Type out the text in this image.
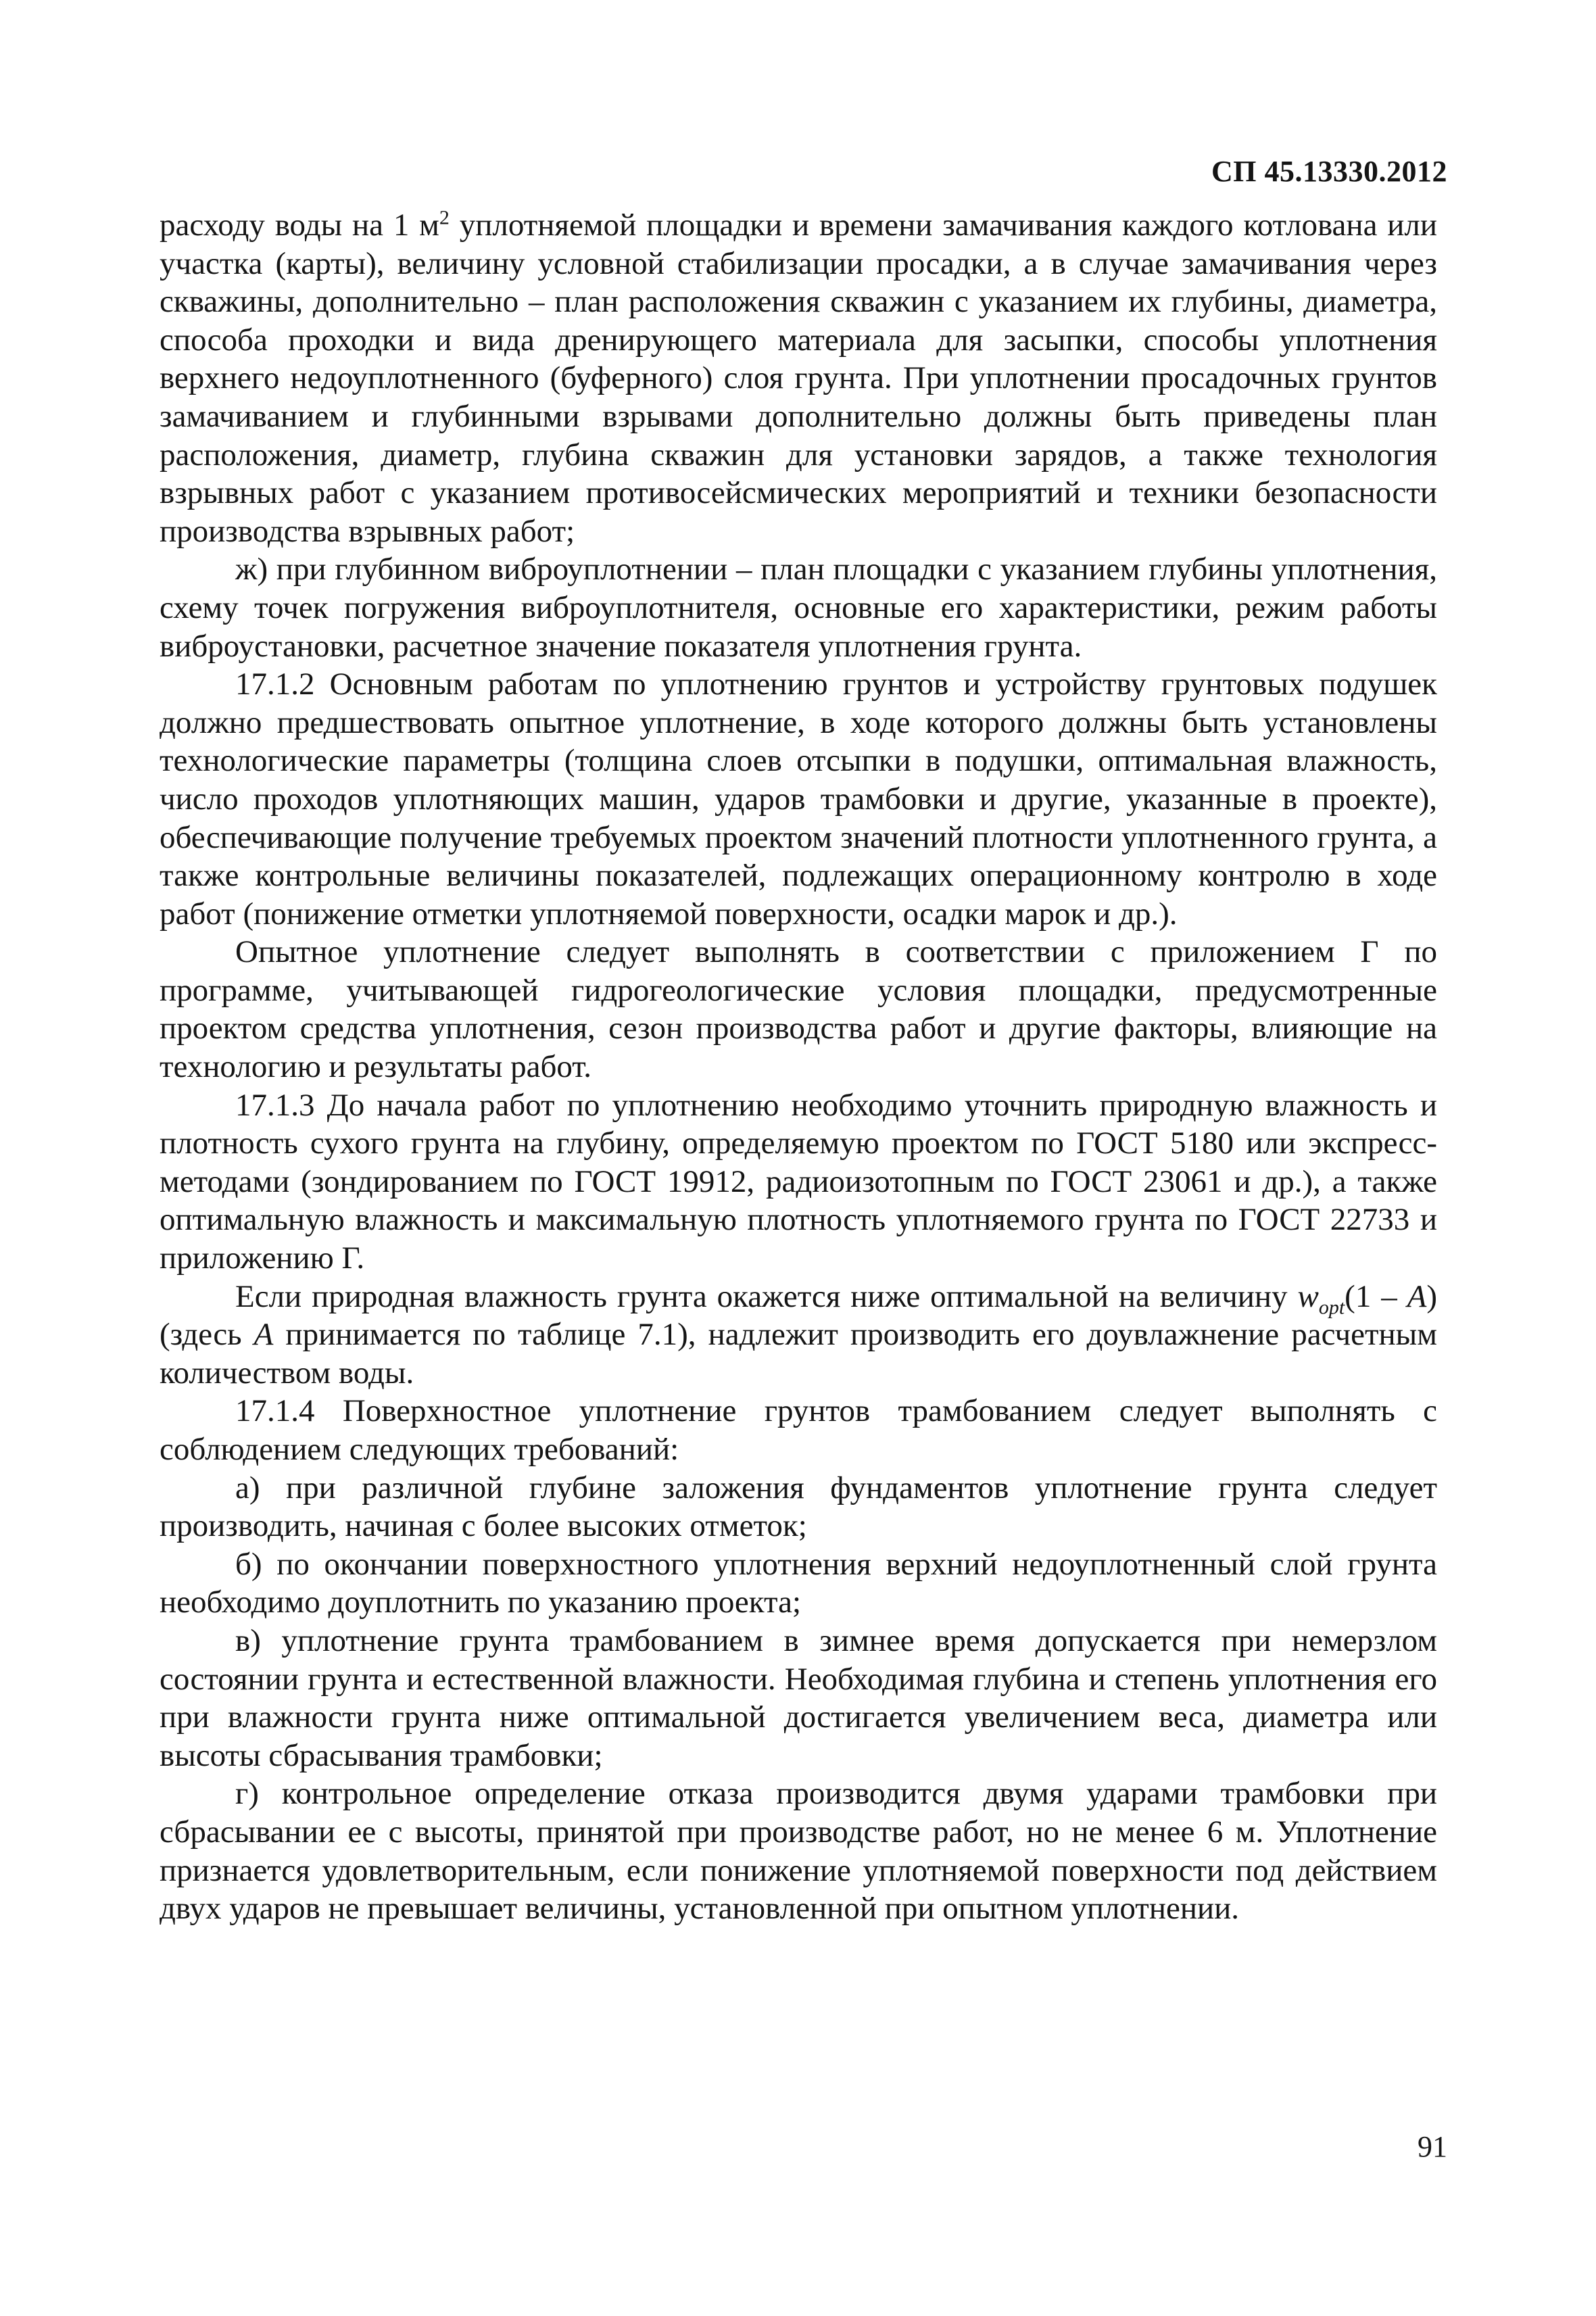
СП 45.13330.2012

расходу воды на 1 $м^2$ уплотняемой площадки и времени замачивания каждого котлована или участка (карты), величину условной стабилизации просадки, а в случае замачивания через скважины, дополнительно – план расположения скважин с указанием их глубины, диаметра, способа проходки и вида дренирующего материала для засыпки, способы уплотнения верхнего недоуплотненного (буферного) слоя грунта. При уплотнении просадочных грунтов замачиванием и глубинными взрывами дополнительно должны быть приведены план расположения, диаметр, глубина скважин для установки зарядов, а также технология взрывных работ с указанием противосейсмических мероприятий и техники безопасности производства взрывных работ;

ж) при глубинном виброуплотнении – план площадки с указанием глубины уплотнения, схему точек погружения виброуплотнителя, основные его характеристики, режим работы виброустановки, расчетное значение показателя уплотнения грунта.

17.1.2 Основным работам по уплотнению грунтов и устройству грунтовых подушек должно предшествовать опытное уплотнение, в ходе которого должны быть установлены технологические параметры (толщина слоев отсыпки в подушки, оптимальная влажность, число проходов уплотняющих машин, ударов трамбовки и другие, указанные в проекте), обеспечивающие получение требуемых проектом значений плотности уплотненного грунта, а также контрольные величины показателей, подлежащих операционному контролю в ходе работ (понижение отметки уплотняемой поверхности, осадки марок и др.).

Опытное уплотнение следует выполнять в соответствии с приложением Г по программе, учитывающей гидрогеологические условия площадки, предусмотренные проектом средства уплотнения, сезон производства работ и другие факторы, влияющие на технологию и результаты работ.

17.1.3 До начала работ по уплотнению необходимо уточнить природную влажность и плотность сухого грунта на глубину, определяемую проектом по ГОСТ 5180 или экспресс-методами (зондированием по ГОСТ 19912, радиоизотопным по ГОСТ 23061 и др.), а также оптимальную влажность и максимальную плотность уплотняемого грунта по ГОСТ 22733 и приложению Г.

Если природная влажность грунта окажется ниже оптимальной на величину $w_{opt}(1 - A)$ (здесь A принимается по таблице 7.1), надлежит производить его доувлажнение расчетным количеством воды.

17.1.4 Поверхностное уплотнение грунтов трамбованием следует выполнять с соблюдением следующих требований:

а) при различной глубине заложения фундаментов уплотнение грунта следует производить, начиная с более высоких отметок;

б) по окончании поверхностного уплотнения верхний недоуплотненный слой грунта необходимо доуплотнить по указанию проекта;

в) уплотнение грунта трамбованием в зимнее время допускается при немерзлом состоянии грунта и естественной влажности. Необходимая глубина и степень уплотнения его при влажности грунта ниже оптимальной достигается увеличением веса, диаметра или высоты сбрасывания трамбовки;

г) контрольное определение отказа производится двумя ударами трамбовки при сбрасывании ее с высоты, принятой при производстве работ, но не менее 6 м. Уплотнение признается удовлетворительным, если понижение уплотняемой поверхности под действием двух ударов не превышает величины, установленной при опытном уплотнении.

91
